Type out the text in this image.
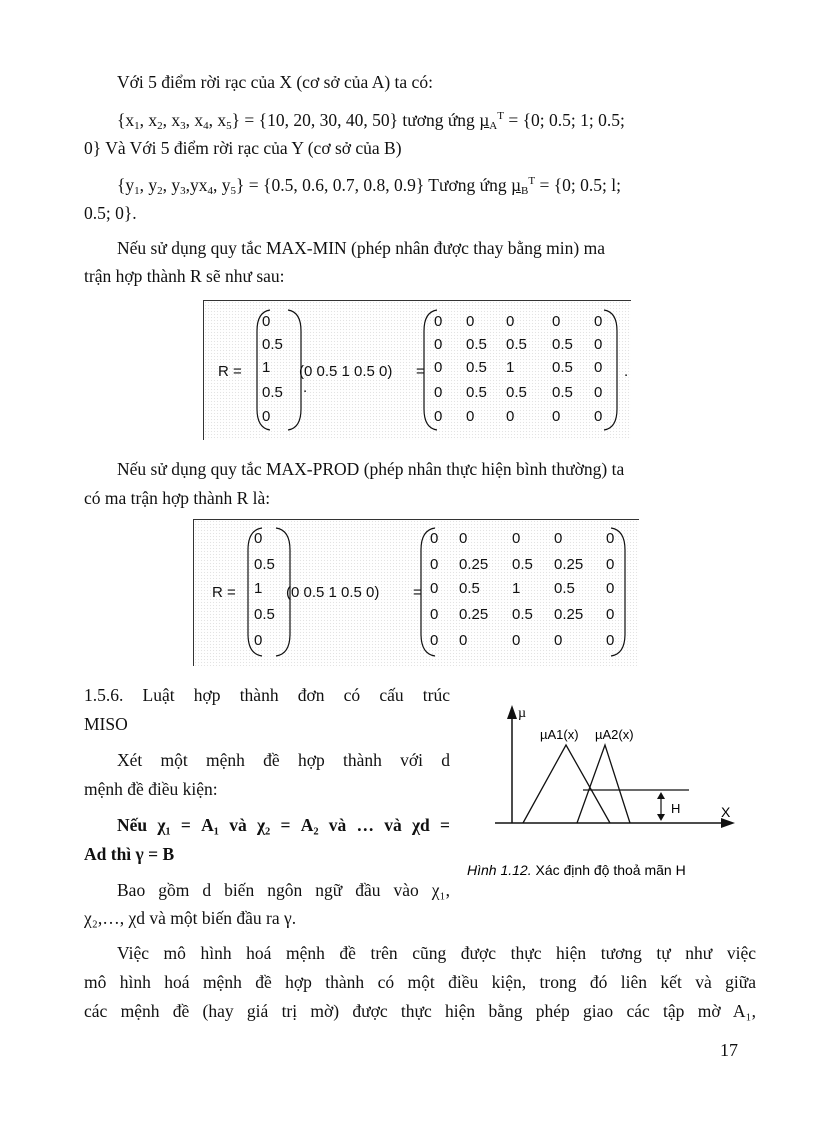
Với 5 điểm rời rạc của X (cơ sở của A) ta có:
{$x_1$, $x_2$, $x_3$, $x_4$, $x_5\} = \{10$, 20, 30, 40, 50} tương ứng µ$_A^T$ = {0; 0.5; 1; 0.5;
0} Và Với 5 điểm rời rạc của Y (cơ sở của B)
{$y_1$, $y_2$, $y_3,yx_4$, $y_5\} = \{0.5$, 0.6, 0.7, 0.8, 0.9} Tương ứng µ$_B^T$ = {0; 0.5; l;
0.5; 0}.
Nếu sử dụng quy tắc MAX-MIN (phép nhân được thay bằng min) ma
trận hợp thành R sẽ như sau:
R =
0
0.5
1
0.5
0
(0 0.5 1 0.5 0) =
.
.
0 0 0	0 0
0 0.5 0.5 0.5 0
0 0.5 1	0.5 0
0 0.5 0.5 0.5 0
0 0 0	0 0
Nếu sử dụng quy tắc MAX-PROD (phép nhân thực hiện bình thường) ta
có ma trận hợp thành R là:
R =
0
0.5
1
0.5
0
(0 0.5 1 0.5 0) =
0 0	0 0	0
0 0.25 0.5 0.25 0
0 0.5 1 0.5 0
0 0.25 0.5 0.25 0
0 0	0 0	0
1.5.6. Luật hợp thành đơn có cấu trúc
MISO
Xét một mệnh đề hợp thành với d
mệnh đề điều kiện:
Nếu χ₁ = A₁ và χ₂ = A₂ và … và χd =
Ad thì γ = B
Bao gồm d biến ngôn ngữ đầu vào χ₁,
χ₂,…, χd và một biến đầu ra γ.
µ
X
H
µA1(x) µA2(x)
Hình 1.12. Xác định độ thoả mãn H
Việc mô hình hoá mệnh đề trên cũng được thực hiện tương tự như việc
mô hình hoá mệnh đề hợp thành có một điều kiện, trong đó liên kết và giữa
các mệnh đề (hay giá trị mờ) được thực hiện bằng phép giao các tập mờ A₁,
17
